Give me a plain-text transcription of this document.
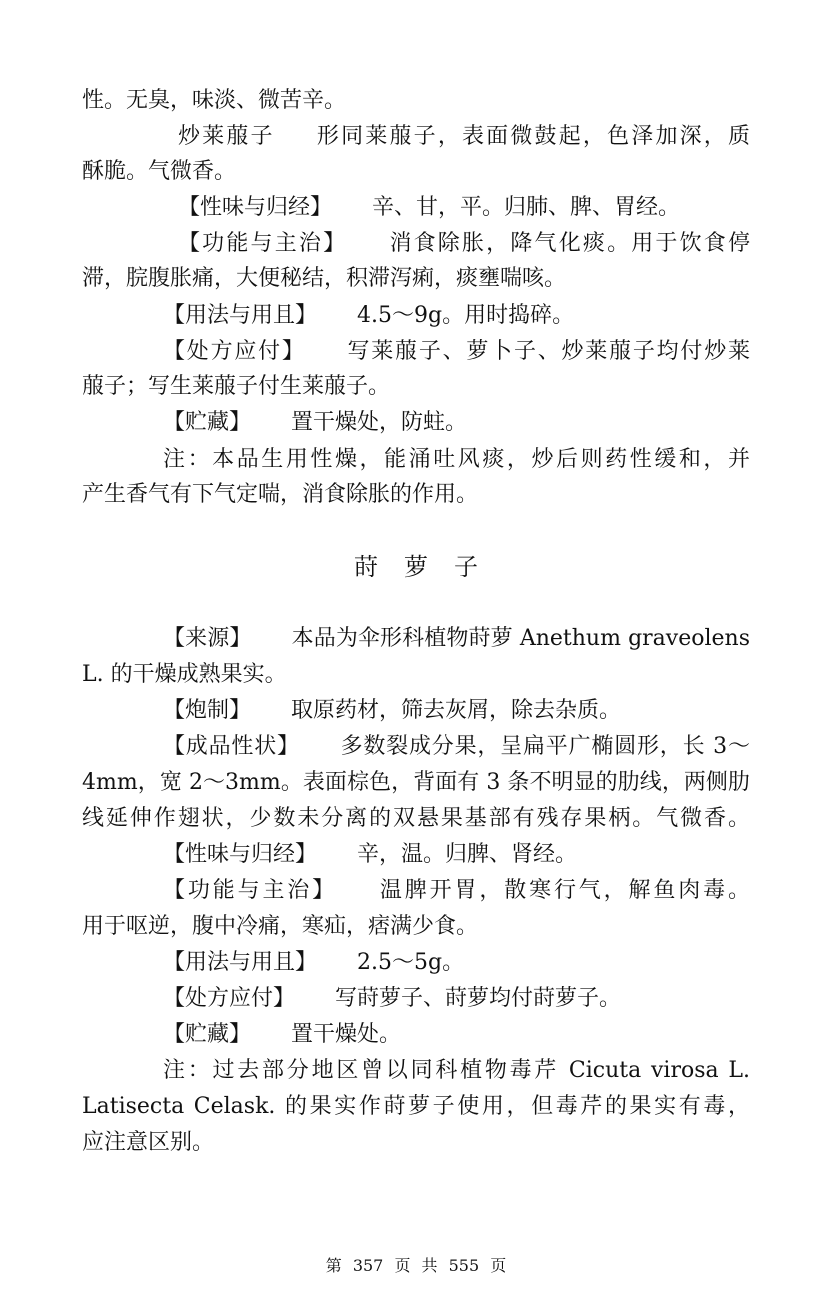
性。无臭，味淡、微苦辛。
炒莱菔子 形同莱菔子，表面微鼓起，色泽加深，质
酥脆。气微香。
【性味与归经】 辛、甘，平。归肺、脾、胃经。
【功能与主治】 消食除胀，降气化痰。用于饮食停
滞，脘腹胀痛，大便秘结，积滞泻痢，痰壅喘咳。
【用法与用且】 4.5～9g。用时捣碎。
【处方应付】 写莱菔子、萝卜子、炒莱菔子均付炒莱
菔子；写生莱菔子付生莱菔子。
【贮藏】 置干燥处，防蛀。
注：本品生用性燥，能涌吐风痰，炒后则药性缓和，并
产生香气有下气定喘，消食除胀的作用。
莳萝子
【来源】 本品为伞形科植物莳萝 Anethum graveolens
L. 的干燥成熟果实。
【炮制】 取原药材，筛去灰屑，除去杂质。
【成品性状】 多数裂成分果，呈扁平广椭圆形，长 3～
4mm，宽 2～3mm。表面棕色，背面有 3 条不明显的肋线，两侧肋
线延伸作翅状，少数未分离的双悬果基部有残存果柄。气微香。
【性味与归经】 辛，温。归脾、肾经。
【功能与主治】 温脾开胃，散寒行气，解鱼肉毒。
用于呕逆，腹中冷痛，寒疝，痞满少食。
【用法与用且】 2.5～5g。
【处方应付】 写莳萝子、莳萝均付莳萝子。
【贮藏】 置干燥处。
注：过去部分地区曾以同科植物毒芹 Cicuta virosa L.
Latisecta Celask. 的果实作莳萝子使用，但毒芹的果实有毒，
应注意区别。
第 357 页 共 555 页
